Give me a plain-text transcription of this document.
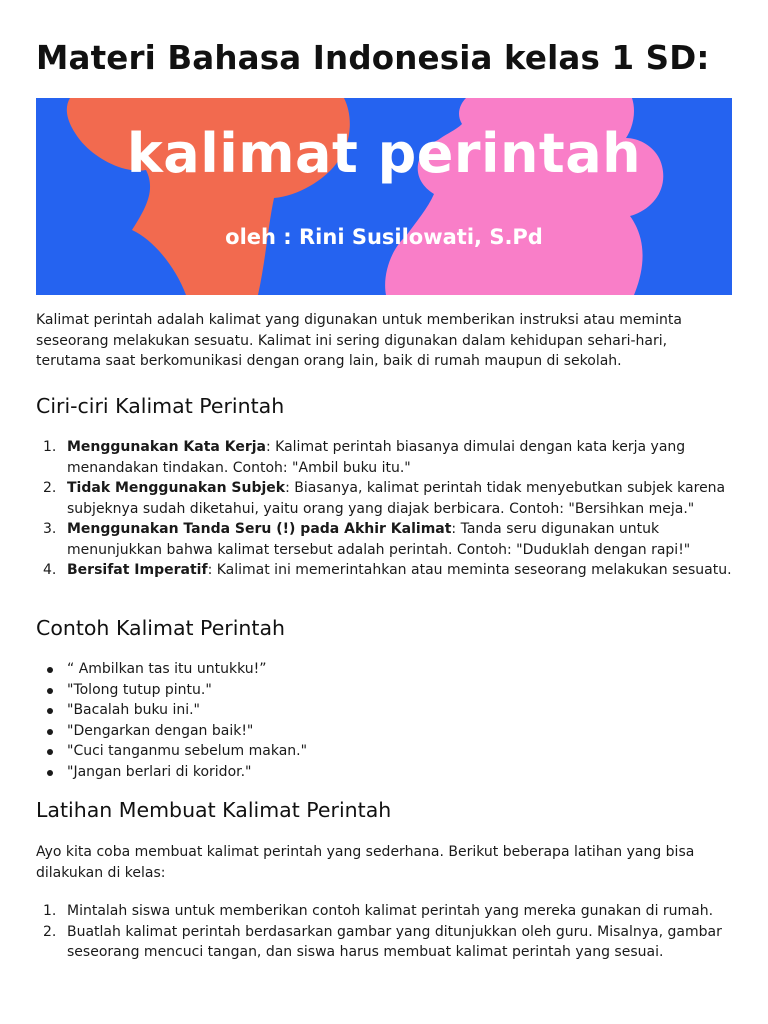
Materi Bahasa Indonesia kelas 1 SD:
kalimat perintah
oleh : Rini Susilowati, S.Pd

Kalimat perintah adalah kalimat yang digunakan untuk memberikan instruksi atau meminta seseorang melakukan sesuatu. Kalimat ini sering digunakan dalam kehidupan sehari-hari, terutama saat berkomunikasi dengan orang lain, baik di rumah maupun di sekolah.

Ciri-ciri Kalimat Perintah
1. Menggunakan Kata Kerja: Kalimat perintah biasanya dimulai dengan kata kerja yang menandakan tindakan. Contoh: "Ambil buku itu."
2. Tidak Menggunakan Subjek: Biasanya, kalimat perintah tidak menyebutkan subjek karena subjeknya sudah diketahui, yaitu orang yang diajak berbicara. Contoh: "Bersihkan meja."
3. Menggunakan Tanda Seru (!) pada Akhir Kalimat: Tanda seru digunakan untuk menunjukkan bahwa kalimat tersebut adalah perintah. Contoh: "Duduklah dengan rapi!"
4. Bersifat Imperatif: Kalimat ini memerintahkan atau meminta seseorang melakukan sesuatu.
Contoh Kalimat Perintah
“ Ambilkan tas itu untukku!”
"Tolong tutup pintu."
"Bacalah buku ini."
"Dengarkan dengan baik!"
"Cuci tanganmu sebelum makan."
"Jangan berlari di koridor."
Latihan Membuat Kalimat Perintah

Ayo kita coba membuat kalimat perintah yang sederhana. Berikut beberapa latihan yang bisa dilakukan di kelas:

1. Mintalah siswa untuk memberikan contoh kalimat perintah yang mereka gunakan di rumah.
2. Buatlah kalimat perintah berdasarkan gambar yang ditunjukkan oleh guru. Misalnya, gambar seseorang mencuci tangan, dan siswa harus membuat kalimat perintah yang sesuai.
